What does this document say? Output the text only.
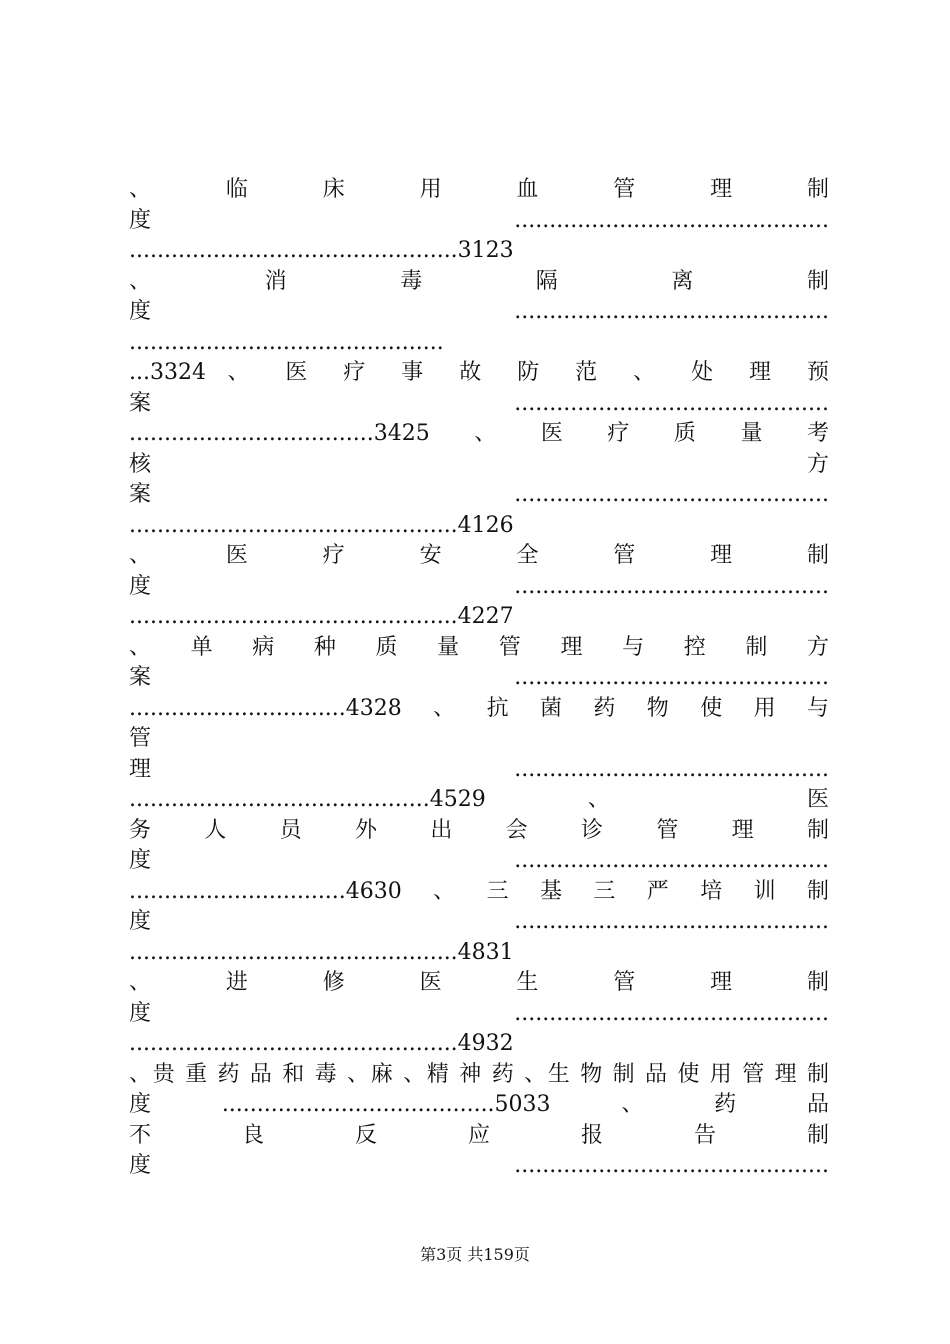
、 临 床 用 血 管 理 制
度.............................................
...............................................3123
、 消 毒 隔 离 制
度.............................................
.............................................
...3324 、 医 疗 事 故 防 范 、 处 理 预
案.............................................
...................................3425、医疗质量考
核 方
案.............................................
...............................................4126
、 医 疗 安 全 管 理 制
度.............................................
...............................................4227
、 单 病 种 质 量 管 理 与 控 制 方
案.............................................
...............................4328、抗菌药物使用与
管
理.............................................
...........................................4529 、 医
务 人 员 外 出 会 诊 管 理 制
度.............................................
...............................4630、三基三严培训制
度.............................................
...............................................4831
、 进 修 医 生 管 理 制
度.............................................
...............................................4932
、贵 重 药 品 和 毒 、麻 、精 神 药 、生 物 制 品 使 用 管 理 制
度.......................................5033、药品
不 良 反 应 报 告 制
度.............................................
第3页 共159页
